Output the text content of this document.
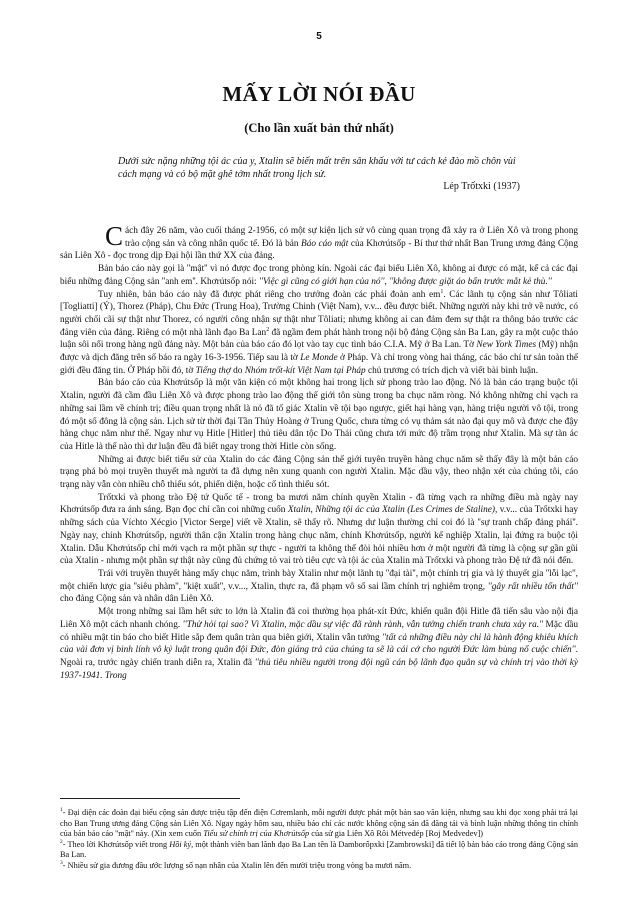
5
MẤY LỜI NÓI ĐẦU
(Cho lần xuất bản thứ nhất)

Dưới sức nặng những tội ác của y, Xtalin sẽ biến mất trên sân khấu với tư cách kẻ đào mồ chôn vùi cách mạng và cỏ bộ mặt ghê tởm nhất trong lịch sử.

Lép Trốtxki (1937)

Cách đây 26 năm, vào cuối tháng 2-1956, có một sự kiện lịch sử vô cùng quan trọng đã xảy ra ở Liên Xô và trong phong trào cộng sản và công nhân quốc tế. Đó là bản Báo cáo mật của Khơrútsốp - Bí thư thứ nhất Ban Trung ương đảng Cộng sản Liên Xô - đọc trong dịp Đại hội lần thứ XX của đảng.

Bản báo cáo này gọi là ''mật'' vì nó được đọc trong phòng kín. Ngoài các đại biểu Liên Xô, không ai được có mặt, kể cả các đại biểu những đảng Cộng sản ''anh em''. Khơrútsốp nói: ''Việc gì cũng có giới hạn của nó'', ''không được giặt áo bẩn trước mắt kẻ thù.''

Tuy nhiên, bản báo cáo này đã được phát riêng cho trưởng đoàn các phái đoàn anh $em^1$. Các lãnh tụ cộng sản như Tôliati [Togliatti] (Ý), Thorez (Pháp), Chu Đức (Trung Hoa), Trường Chinh (Việt Nam), v.v... đều được biết. Những người này khi trở về nước, có người chối cãi sự thật như Thorez, có người công nhận sự thật như Tôliati; nhưng không ai can đảm đem sự thật ra thông báo trước các đảng viên của đảng. Riêng có một nhà lãnh đạo Ba Lan$^2$ đã ngầm đem phát hành trong nội bộ đảng Cộng sản Ba Lan, gây ra một cuộc thảo luận sôi nổi trong hàng ngũ đảng này. Một bản của báo cáo đó lọt vào tay cục tình báo C.I.A. Mỹ ở Ba Lan. Tờ New York Times (Mỹ) nhận được và dịch đăng trên số báo ra ngày 16-3-1956. Tiếp sau là tờ Le Monde ở Pháp. Và chỉ trong vòng hai tháng, các báo chí tư sản toàn thế giới đều đăng tin. Ở Pháp hồi đó, tờ Tiếng thợ do Nhóm trốt-kít Việt Nam tại Pháp chủ trương có trích dịch và viết bài bình luận.

Bản báo cáo của Khơrútsốp là một văn kiện có một không hai trong lịch sử phong trào lao động. Nó là bản cáo trạng buộc tội Xtalin, người đã cầm đầu Liên Xô và được phong trào lao động thế giới tôn sùng trong ba chục năm ròng. Nó không những chỉ vạch ra những sai lầm về chính trị; điều quan trọng nhất là nó đã tố giác Xtalin về tội bạo ngược, giết hại hàng vạn, hàng triệu người vô tội, trong đó một số đông là cộng sản. Lịch sử từ thời đại Tần Thủy Hoàng ở Trung Quốc, chưa từng có vụ thảm sát nào đại quy mô và được che đậy hàng chục năm như thế. Ngay như vụ Hitle [Hitler] thủ tiêu dân tộc Do Thái cũng chưa tới mức độ trầm trọng như Xtalin. Mà sự tàn ác của Hitle là thế nào thì dư luận đều đã biết ngay trong thời Hitle còn sống.

Những ai được biết tiểu sử của Xtalin do các đảng Cộng sản thế giới tuyên truyền hàng chục năm sẽ thấy đây là một bản cáo trạng phá bỏ mọi truyền thuyết mà người ta đã dựng nên xung quanh con người Xtalin. Mặc dầu vậy, theo nhận xét của chúng tôi, cáo trạng này vẫn còn nhiều chỗ thiếu sót, phiến diện, hoặc cố tình thiếu sót.

Trốtxki và phong trào Đệ tứ Quốc tế - trong ba mươi năm chính quyền Xtalin - đã từng vạch ra những điều mà ngày nay Khơrútsốp đưa ra ánh sáng. Bạn đọc chỉ cần coi những cuốn Xtalin, Những tội ác của Xtalin (Les Crimes de Staline), v.v... của Trốtxki hay những sách của Víchto Xécgio [Victor Serge] viết về Xtalin, sẽ thấy rõ. Nhưng dư luận thường chỉ coi đó là ''sự tranh chấp đảng phái''. Ngày nay, chính Khơrútsốp, người thân cận Xtalin trong hàng chục năm, chính Khơrútsốp, người kế nghiệp Xtalin, lại đứng ra buộc tội Xtalin. Dẫu Khơrútsốp chỉ mới vạch ra một phần sự thực - người ta không thể đòi hỏi nhiều hơn ở một người đã từng là cộng sự gần gũi của Xtalin - nhưng một phần sự thật này cũng đủ chứng tỏ vai trò tiêu cực và tội ác của Xtalin mà Trốtxki và phong trào Đệ tứ đã nói đến.

Trái với truyền thuyết hàng mấy chục năm, trình bày Xtalin như một lãnh tụ ''đại tài'', một chính trị gia và lý thuyết gia ''lỗi lạc'', một chiến lược gia ''siêu phàm'', ''kiệt xuất'', v.v..., Xtalin, thực ra, đã phạm vô số sai lầm chính trị nghiêm trọng, ''gây rất nhiều tổn thất'' cho đảng Cộng sản và nhân dân Liên Xô.

Một trong những sai lầm hết sức to lớn là Xtalin đã coi thường họa phát-xít Đức, khiến quân đội Hitle đã tiến sâu vào nội địa Liên Xô một cách nhanh chóng. ''Thử hỏi tại sao? Vì Xtalin, mặc dầu sự việc đã rành rành, vẫn tưởng chiến tranh chưa xảy ra.'' Mặc dầu có nhiều mật tin báo cho biết Hitle sắp đem quân tràn qua biên giới, Xtalin vẫn tưởng ''tất cả những điều này chỉ là hành động khiêu khích của vài đơn vị binh lính vô kỷ luật trong quân đội Đức, đòn giáng trả của chúng ta sẽ là cái cớ cho người Đức làm bùng nổ cuộc chiến''. Ngoài ra, trước ngày chiến tranh diễn ra, Xtalin đã ''thủ tiêu nhiều người trong đội ngũ cán bộ lãnh đạo quân sự và chính trị vào thời kỳ 1937-1941. Trong

$^1$- Đại diện các đoàn đại biểu cộng sản được triệu tập đến điện Cơremlanh, mỗi người được phát một bản sao văn kiện, nhưng sau khi đọc xong phải trả lại cho Ban Trung ương đảng Cộng sản Liên Xô. Ngay ngày hôm sau, nhiều báo chí các nước không cộng sản đã đăng tải và bình luận những thông tin chính của bản báo cáo ''mật'' này. (Xin xem cuốn Tiểu sử chính trị của Khơrútsốp của sử gia Liên Xô Rôi Métvedép [Roj Medvedev])

$^2$- Theo lời Khơrútsốp viết trong Hồi ký, một thành viên ban lãnh đạo Ba Lan tên là Damborốpxki [Zambrowski] đã tiết lộ bản báo cáo trong đảng Cộng sản Ba Lan.

$^3$- Nhiều sử gia đương đầu ước lượng số nạn nhân của Xtalin lên đến mười triệu trong vòng ba mươi năm.
